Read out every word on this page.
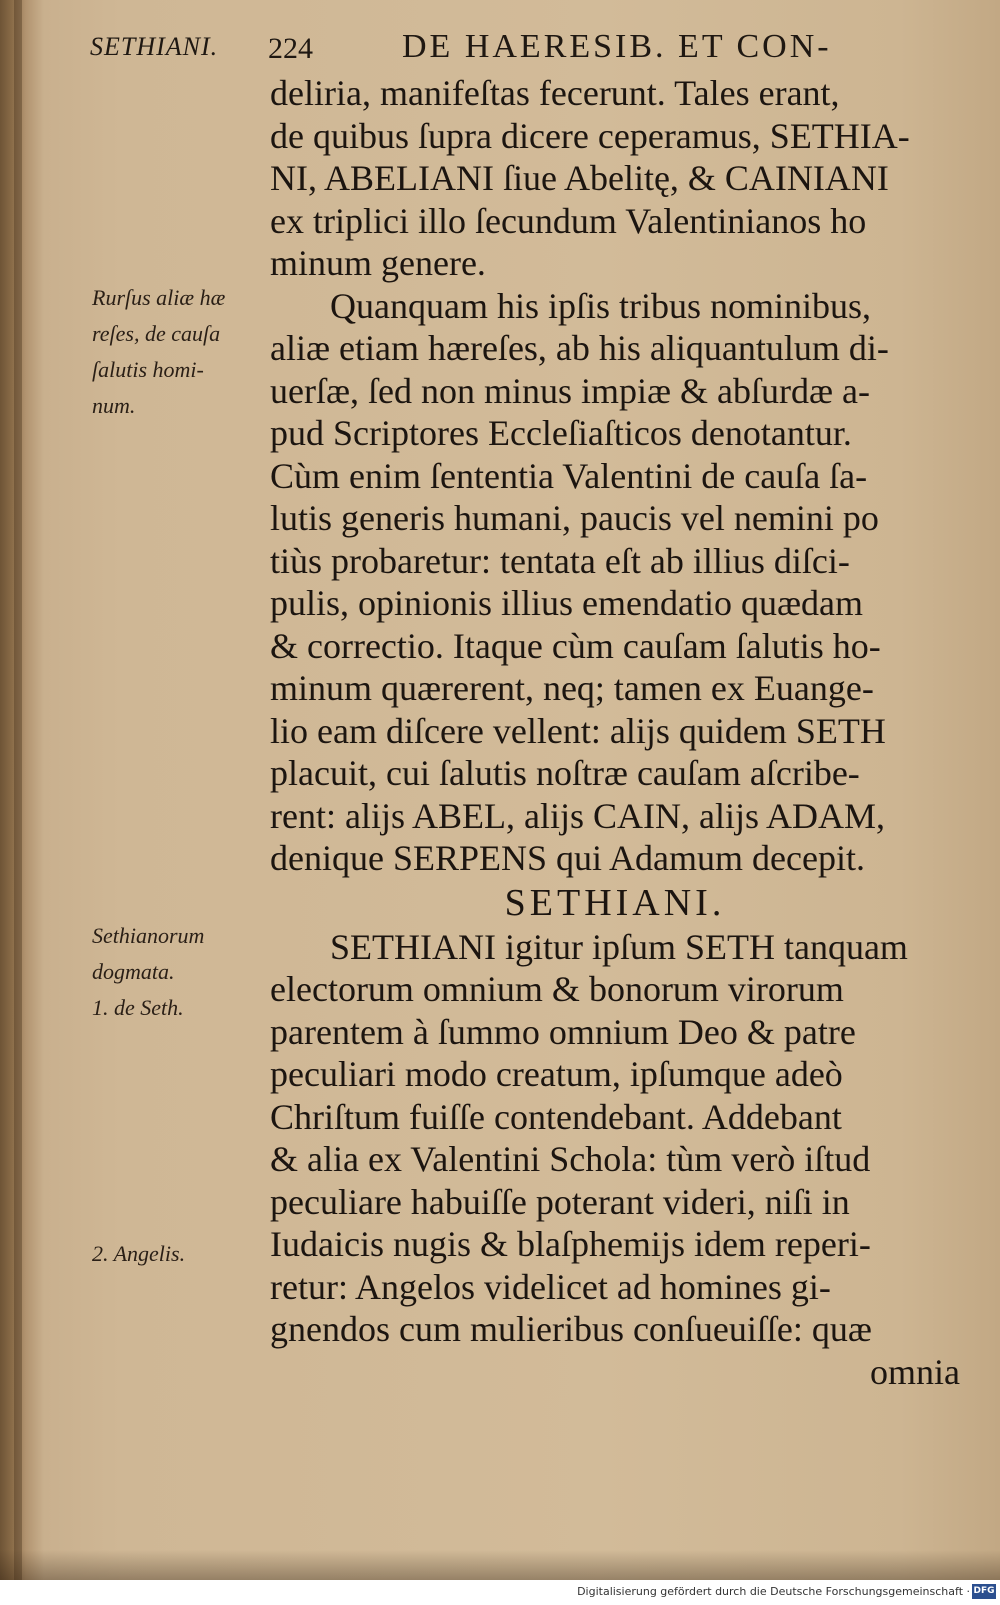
SETHIANI. 224	DE HAERESIB. ET CON-
deliria, manifeſtas fecerunt. Tales erant,
de quibus ſupra dicere ceperamus, SETHIA-
NI, ABELIANI ſiue Abelitę, & CAINIANI
ex triplici illo ſecundum Valentinianos ho
minum genere.
Quanquam his ipſis tribus nominibus,
aliæ etiam hæreſes, ab his aliquantulum di-
uerſæ, ſed non minus impiæ & abſurdæ a-
pud Scriptores Eccleſiaſticos denotantur.
Cùm enim ſententia Valentini de cauſa ſa-
lutis generis humani, paucis vel nemini po
tiùs probaretur: tentata eſt ab illius diſci-
pulis, opinionis illius emendatio quædam
& correctio. Itaque cùm cauſam ſalutis ho-
minum quærerent, neq; tamen ex Euange-
lio eam diſcere vellent: alijs quidem SETH
placuit, cui ſalutis noſtræ cauſam aſcribe-
rent: alijs ABEL, alijs CAIN, alijs ADAM,
denique SERPENS qui Adamum decepit.
SETHIANI.
SETHIANI igitur ipſum SETH tanquam
electorum omnium & bonorum virorum
parentem à ſummo omnium Deo & patre
peculiari modo creatum, ipſumque adeò
Chriſtum fuiſſe contendebant. Addebant
& alia ex Valentini Schola: tùm verò iſtud
peculiare habuiſſe poterant videri, niſi in
Iudaicis nugis & blaſphemijs idem reperi-
retur: Angelos videlicet ad homines gi-
gnendos cum mulieribus conſueuiſſe: quæ
omnia
Rurſus aliæ hæ
reſes, de cauſa
ſalutis homi-
num.
Sethianorum
dogmata.
1. de Seth.
2. Angelis.
Digitalisierung gefördert durch die Deutsche Forschungsgemeinschaft · DFG
